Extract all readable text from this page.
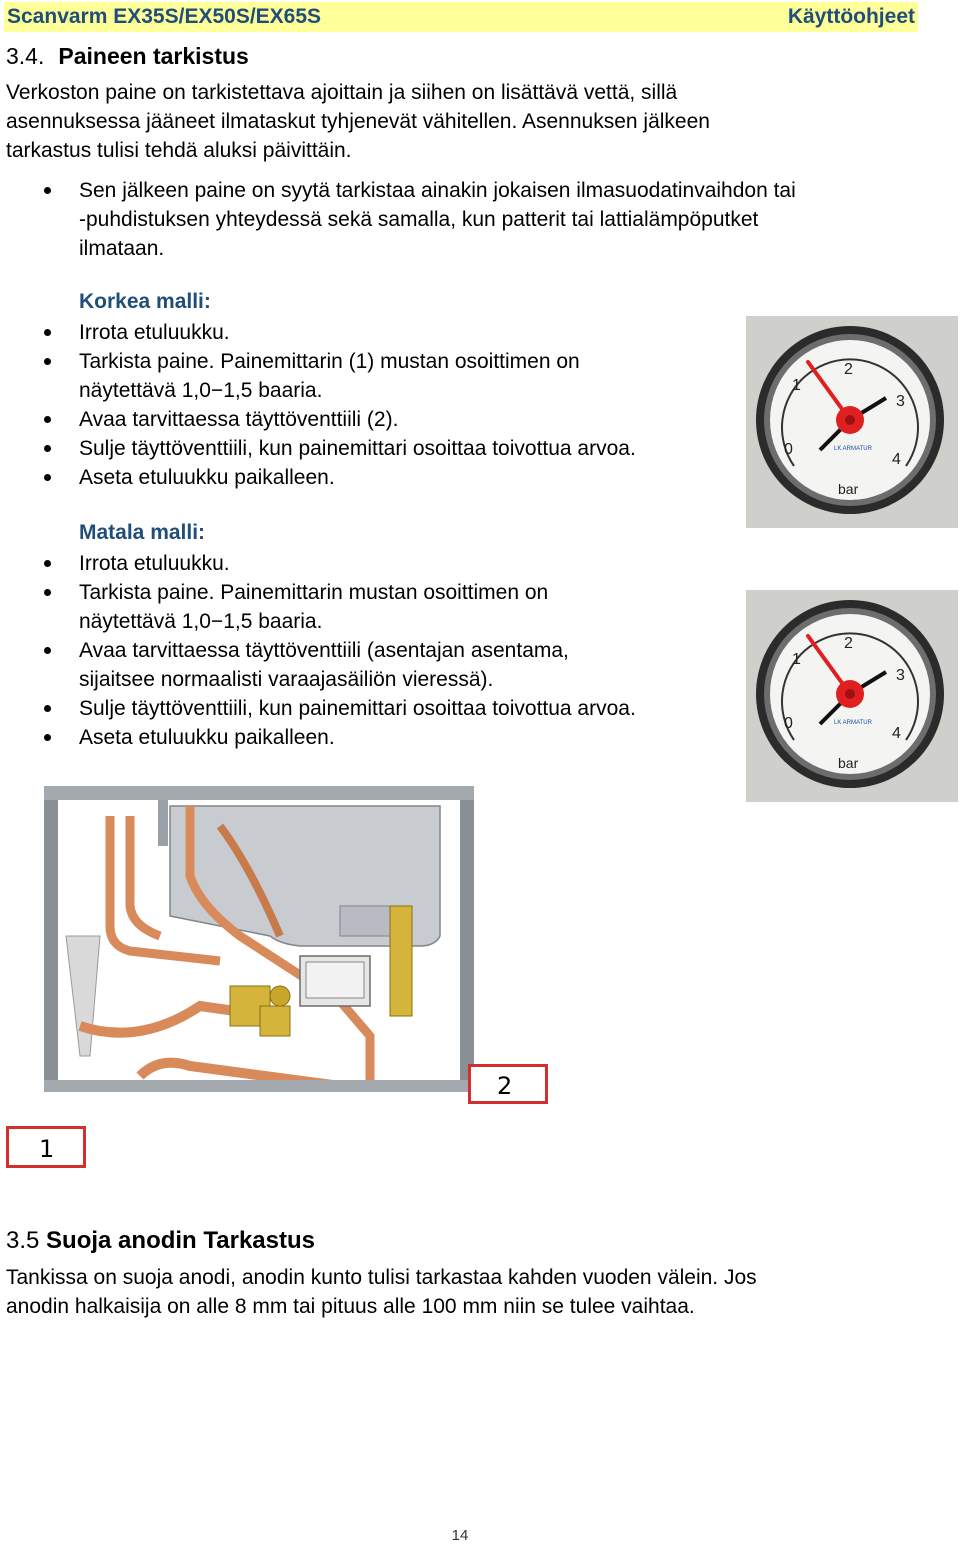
Scanvarm EX35S/EX50S/EX65S	Käyttöohjeet
3.4. Paineen tarkistus
Verkoston paine on tarkistettava ajoittain ja siihen on lisättävä vettä, sillä
asennuksessa jääneet ilmataskut tyhjenevät vähitellen. Asennuksen jälkeen
tarkastus tulisi tehdä aluksi päivittäin.
Sen jälkeen paine on syytä tarkistaa ainakin jokaisen ilmasuodatinvaihdon tai
-puhdistuksen yhteydessä sekä samalla, kun patterit tai lattialämpöputket
ilmataan.
Korkea malli:
Irrota etuluukku.
Tarkista paine. Painemittarin (1) mustan osoittimen on
näytettävä 1,0−1,5 baaria.
Avaa tarvittaessa täyttöventtiili (2).
Sulje täyttöventtiili, kun painemittari osoittaa toivottua arvoa.
Aseta etuluukku paikalleen.
Matala malli:
Irrota etuluukku.
Tarkista paine. Painemittarin mustan osoittimen on
näytettävä 1,0−1,5 baaria.
Avaa tarvittaessa täyttöventtiili (asentajan asentama,
sijaitsee normaalisti varaajasäiliön vieressä).
Sulje täyttöventtiili, kun painemittari osoittaa toivottua arvoa.
Aseta etuluukku paikalleen.
0
1
2
3
4
bar
LK ARMATUR
0
1
2
3
4
bar
LK ARMATUR
2
1
3.5 Suoja anodin Tarkastus
Tankissa on suoja anodi, anodin kunto tulisi tarkastaa kahden vuoden välein. Jos
anodin halkaisija on alle 8 mm tai pituus alle 100 mm niin se tulee vaihtaa.
14
